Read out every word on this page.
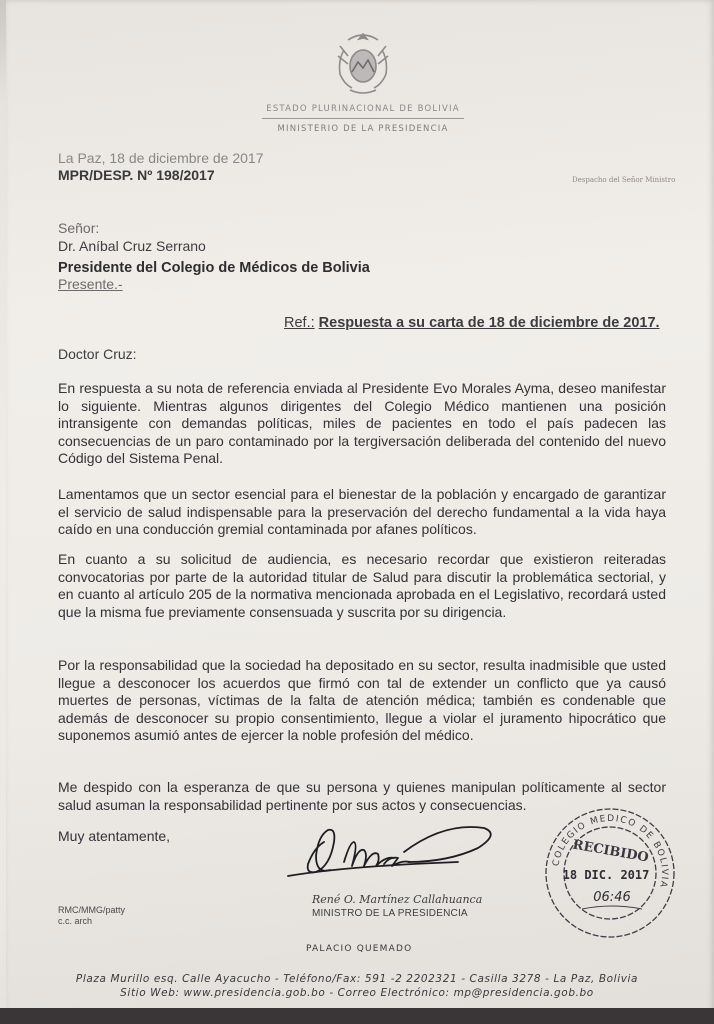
ESTADO PLURINACIONAL DE BOLIVIA
MINISTERIO DE LA PRESIDENCIA
La Paz, 18 de diciembre de 2017
MPR/DESP. Nº 198/2017	Despacho del Señor Ministro
Señor:
Dr. Aníbal Cruz Serrano
Presidente del Colegio de Médicos de Bolivia
Presente.-
Ref.: Respuesta a su carta de 18 de diciembre de 2017.
Doctor Cruz:
En respuesta a su nota de referencia enviada al Presidente Evo Morales Ayma, deseo manifestar lo siguiente. Mientras algunos dirigentes del Colegio Médico mantienen una posición intransigente con demandas políticas, miles de pacientes en todo el país padecen las consecuencias de un paro contaminado por la tergiversación deliberada del contenido del nuevo Código del Sistema Penal.
Lamentamos que un sector esencial para el bienestar de la población y encargado de garantizar el servicio de salud indispensable para la preservación del derecho fundamental a la vida haya caído en una conducción gremial contaminada por afanes políticos.
En cuanto a su solicitud de audiencia, es necesario recordar que existieron reiteradas convocatorias por parte de la autoridad titular de Salud para discutir la problemática sectorial, y en cuanto al artículo 205 de la normativa mencionada aprobada en el Legislativo, recordará usted que la misma fue previamente consensuada y suscrita por su dirigencia.
Por la responsabilidad que la sociedad ha depositado en su sector, resulta inadmisible que usted llegue a desconocer los acuerdos que firmó con tal de extender un conflicto que ya causó muertes de personas, víctimas de la falta de atención médica; también es condenable que además de desconocer su propio consentimiento, llegue a violar el juramento hipocrático que suponemos asumió antes de ejercer la noble profesión del médico.
Me despido con la esperanza de que su persona y quienes manipulan políticamente al sector salud asuman la responsabilidad pertinente por sus actos y consecuencias.
Muy atentamente,
René O. Martínez Callahuanca
MINISTRO DE LA PRESIDENCIA
COLEGIO MEDICO DE BOLIVIA
RECIBIDO
18 DIC. 2017
06:46
RMC/MMG/patty
c.c. arch
PALACIO QUEMADO
Plaza Murillo esq. Calle Ayacucho - Teléfono/Fax: 591 -2 2202321 - Casilla 3278 - La Paz, Bolivia
Sitio Web: www.presidencia.gob.bo - Correo Electrónico: mp@presidencia.gob.bo
